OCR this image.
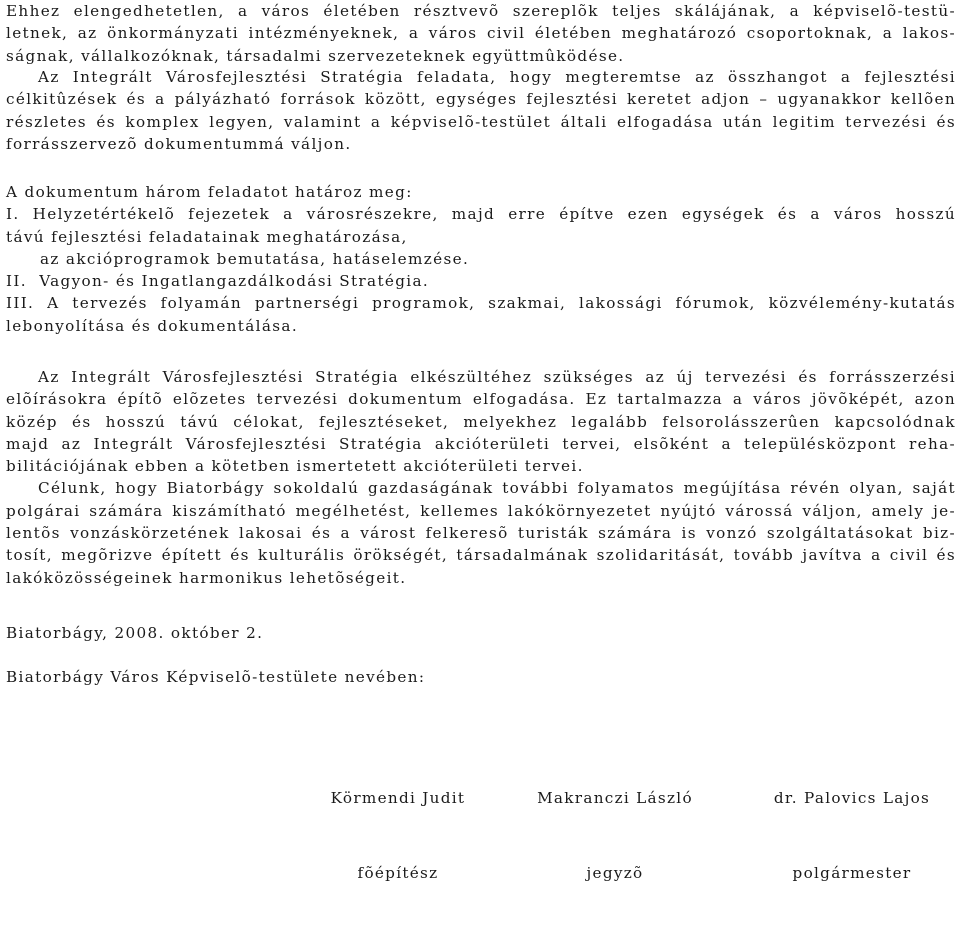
Ehhez elengedhetetlen, a város életében résztvevõ szereplõk teljes skálájának, a képviselõ-testü-
letnek, az önkormányzati intézményeknek, a város civil életében meghatározó csoportoknak, a lakos-
ságnak, vállalkozóknak, társadalmi szervezeteknek együttmûködése.
Az Integrált Városfejlesztési Stratégia feladata, hogy megteremtse az összhangot a fejlesztési
célkitûzések és a pályázható források között, egységes fejlesztési keretet adjon – ugyanakkor kellõen
részletes és komplex legyen, valamint a képviselõ-testület általi elfogadása után legitim tervezési és
forrásszervezõ dokumentummá váljon.
A dokumentum három feladatot határoz meg:
I. Helyzetértékelõ fejezetek a városrészekre, majd erre építve ezen egységek és a város hosszú
távú fejlesztési feladatainak meghatározása,
az akcióprogramok bemutatása, hatáselemzése.
II.  Vagyon- és Ingatlangazdálkodási Stratégia.
III. A tervezés folyamán partnerségi programok, szakmai, lakossági fórumok, közvélemény-kutatás
lebonyolítása és dokumentálása.
Az Integrált Városfejlesztési Stratégia elkészültéhez szükséges az új tervezési és forrásszerzési
elõírásokra építõ elõzetes tervezési dokumentum elfogadása. Ez tartalmazza a város jövõképét, azon
közép és hosszú távú célokat, fejlesztéseket, melyekhez legalább felsorolásszerûen kapcsolódnak
majd az Integrált Városfejlesztési Stratégia akcióterületi tervei, elsõként a településközpont reha-
bilitációjának ebben a kötetben ismertetett akcióterületi tervei.
Célunk, hogy Biatorbágy sokoldalú gazdaságának további folyamatos megújítása révén olyan, saját
polgárai számára kiszámítható megélhetést, kellemes lakókörnyezetet nyújtó várossá váljon, amely je-
lentõs vonzáskörzetének lakosai és a várost felkeresõ turisták számára is vonzó szolgáltatásokat biz-
tosít, megõrizve épített és kulturális örökségét, társadalmának szolidaritását, tovább javítva a civil és
lakóközösségeinek harmonikus lehetõségeit.
Biatorbágy, 2008. október 2.
Biatorbágy Város Képviselõ-testülete nevében:

Körmendi Judit

fõépítész

Makranczi László

jegyzõ

dr. Palovics Lajos

polgármester
